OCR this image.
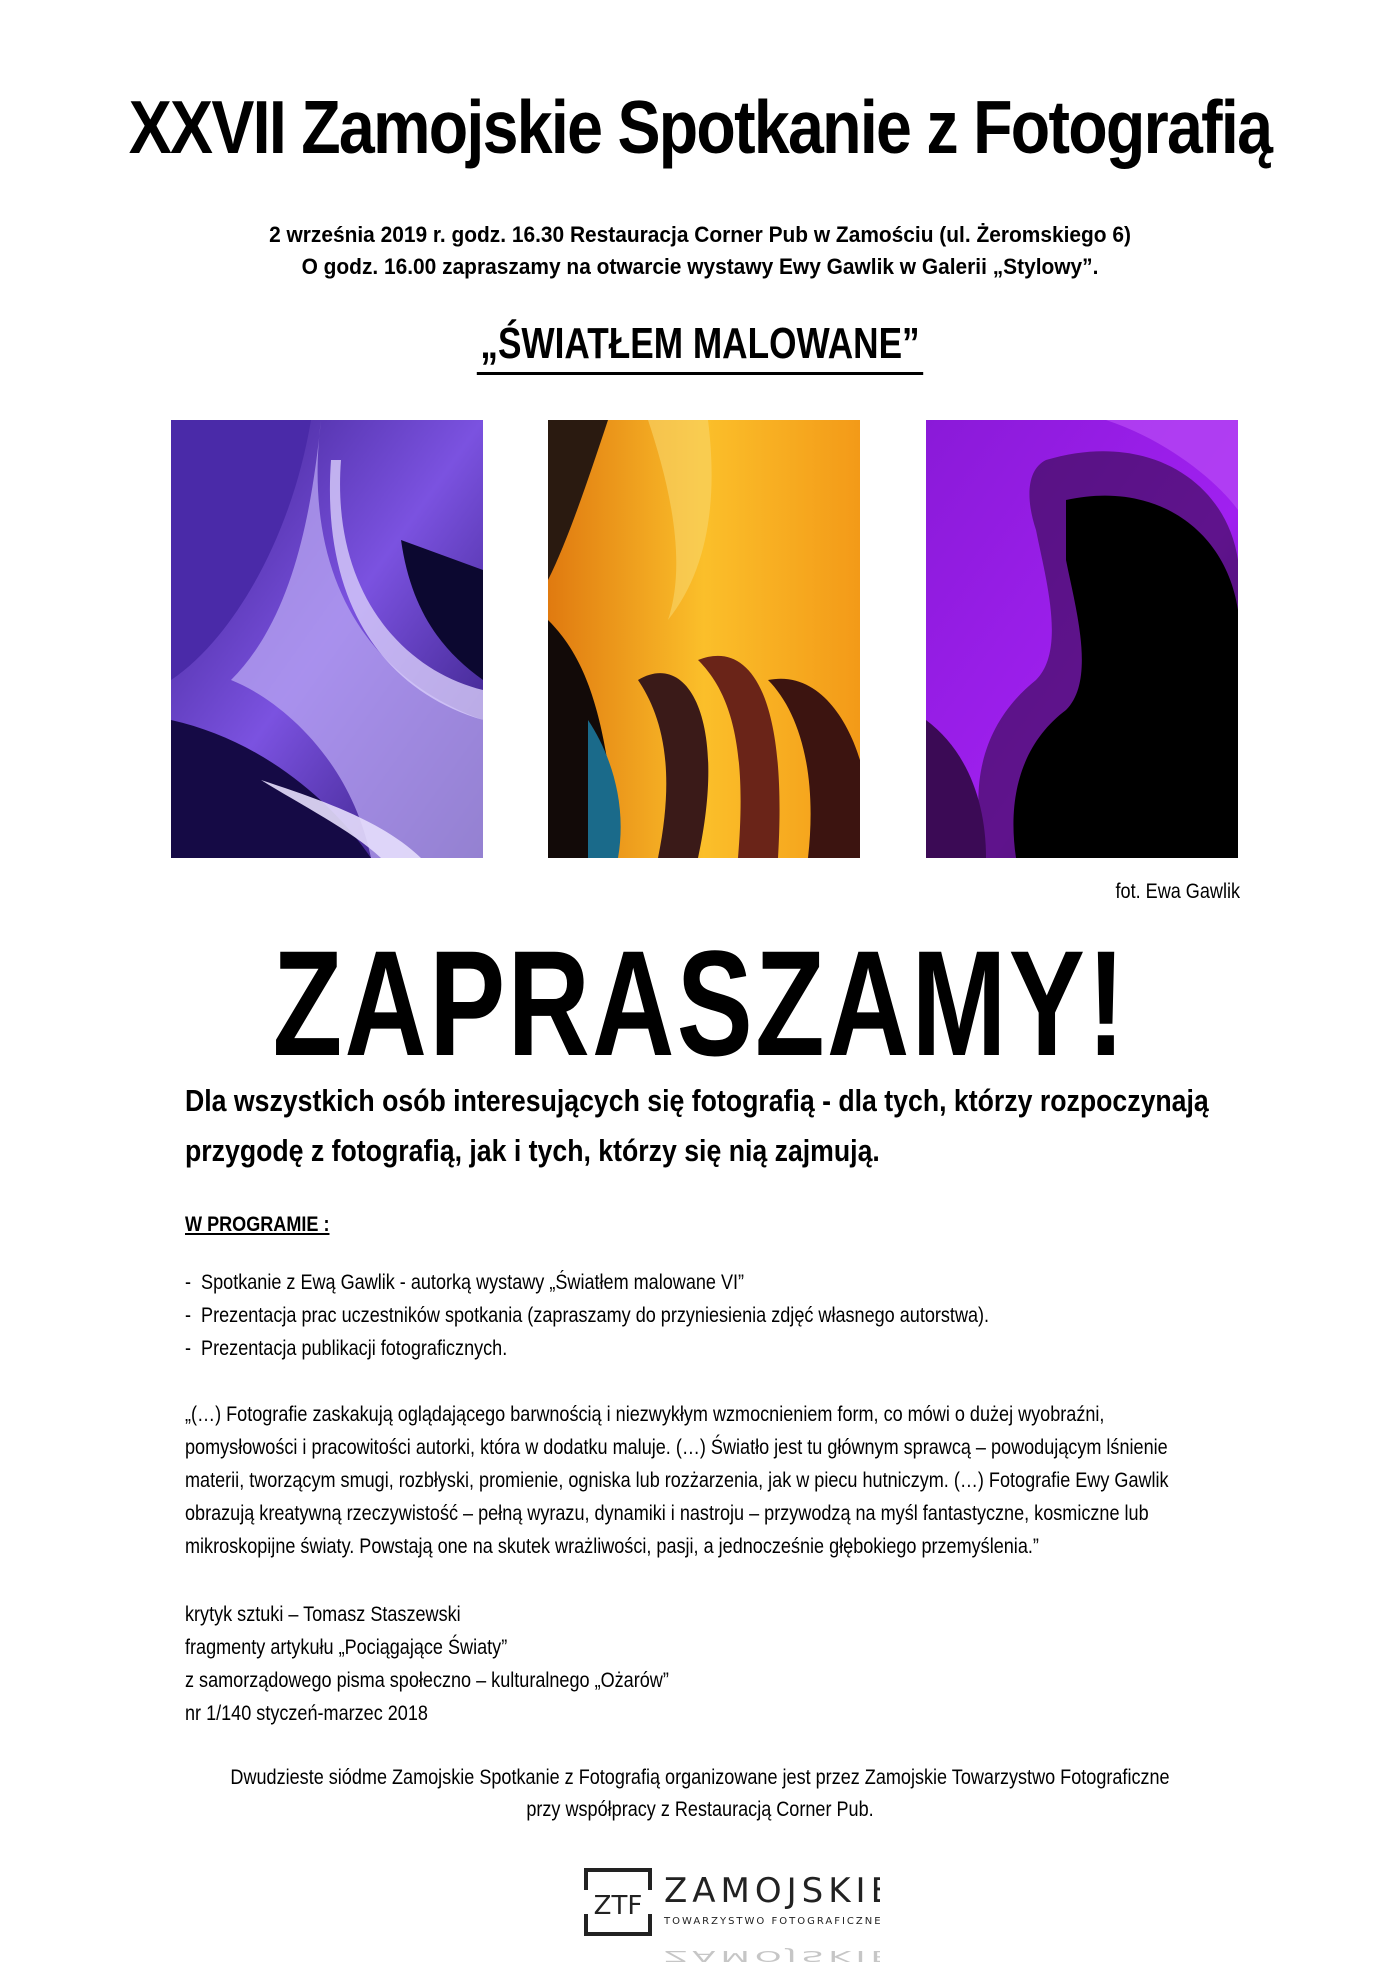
XXVII Zamojskie Spotkanie z Fotografią
2 września 2019 r. godz. 16.30 Restauracja Corner Pub w Zamościu (ul. Żeromskiego 6)
O godz. 16.00 zapraszamy na otwarcie wystawy Ewy Gawlik w Galerii „Stylowy”.
„ŚWIATŁEM MALOWANE”
fot. Ewa Gawlik
ZAPRASZAMY!
Dla wszystkich osób interesujących się fotografią - dla tych, którzy rozpoczynają
przygodę z fotografią, jak i tych, którzy się nią zajmują.
W PROGRAMIE :
-  Spotkanie z Ewą Gawlik - autorką wystawy „Światłem malowane VI”
-  Prezentacja prac uczestników spotkania (zapraszamy do przyniesienia zdjęć własnego autorstwa).
-  Prezentacja publikacji fotograficznych.
„(…) Fotografie zaskakują oglądającego barwnością i niezwykłym wzmocnieniem form, co mówi o dużej wyobraźni,
pomysłowości i pracowitości autorki, która w dodatku maluje. (…) Światło jest tu głównym sprawcą – powodującym lśnienie
materii, tworzącym smugi, rozbłyski, promienie, ogniska lub rozżarzenia, jak w piecu hutniczym. (…) Fotografie Ewy Gawlik
obrazują kreatywną rzeczywistość – pełną wyrazu, dynamiki i nastroju – przywodzą na myśl fantastyczne, kosmiczne lub
mikroskopijne światy. Powstają one na skutek wrażliwości, pasji, a jednocześnie głębokiego przemyślenia.”
krytyk sztuki – Tomasz Staszewski
fragmenty artykułu „Pociągające Światy”
z samorządowego pisma społeczno – kulturalnego „Ożarów”
nr 1/140 styczeń-marzec 2018
Dwudzieste siódme Zamojskie Spotkanie z Fotografią organizowane jest przez Zamojskie Towarzystwo Fotograficzne
przy współpracy z Restauracją Corner Pub.
ZTF ZAMOJSKIE
TOWARZYSTWO FOTOGRAFICZNE
ZAMOJSKIE
